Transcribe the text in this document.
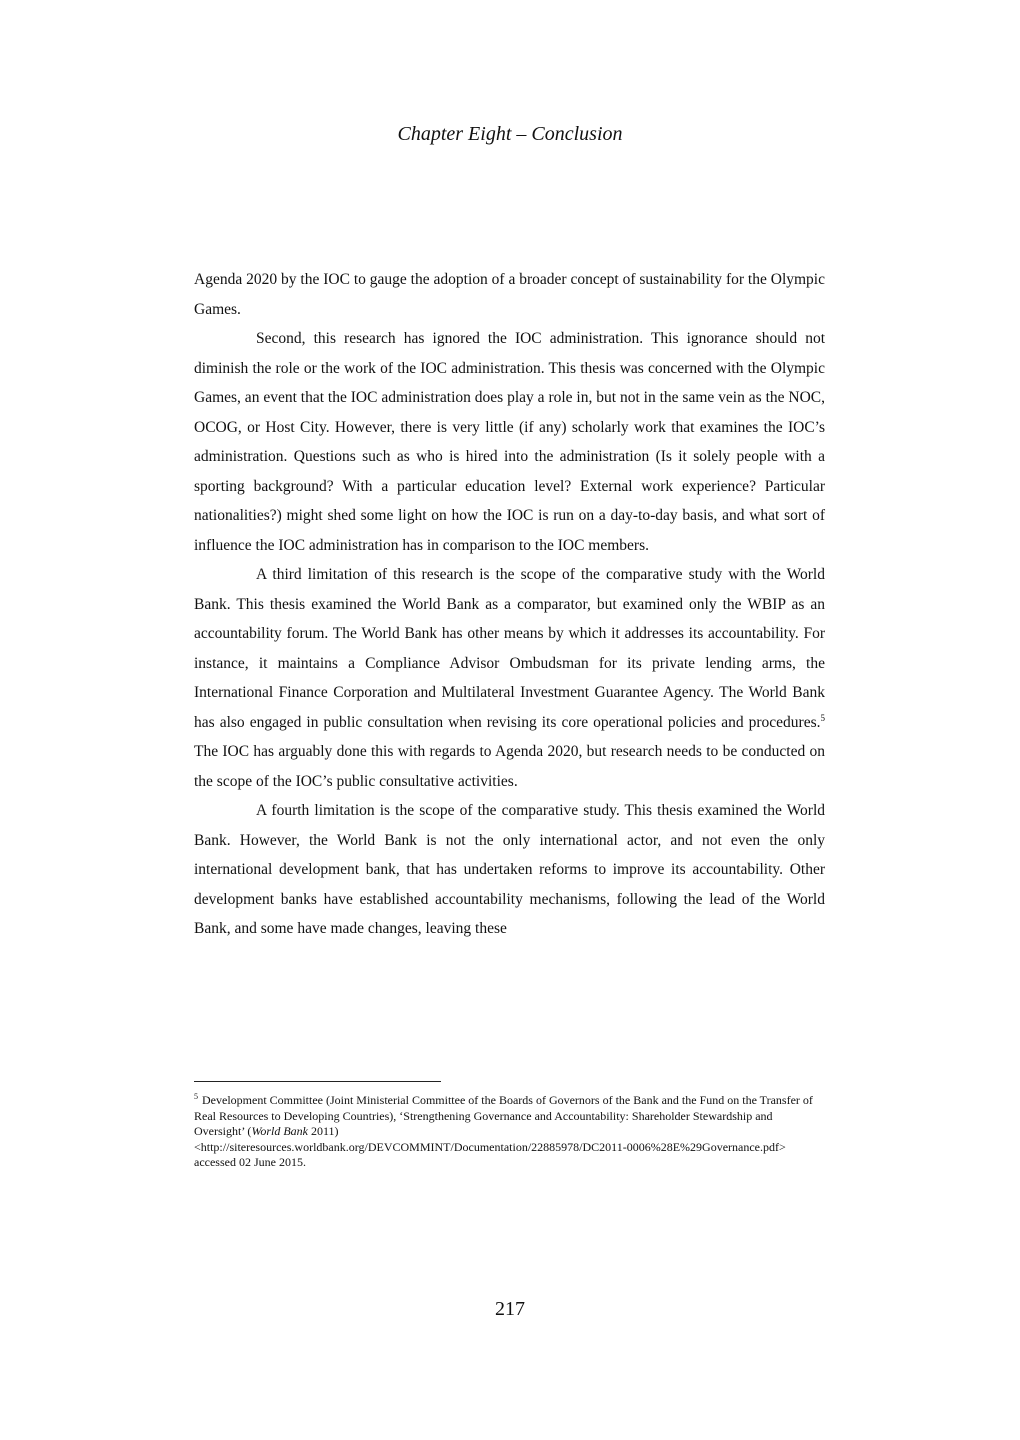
Chapter Eight – Conclusion

Agenda 2020 by the IOC to gauge the adoption of a broader concept of sustainability for the Olympic Games.

Second, this research has ignored the IOC administration. This ignorance should not diminish the role or the work of the IOC administration. This thesis was concerned with the Olympic Games, an event that the IOC administration does play a role in, but not in the same vein as the NOC, OCOG, or Host City. However, there is very little (if any) scholarly work that examines the IOC’s administration. Questions such as who is hired into the administration (Is it solely people with a sporting background? With a particular education level? External work experience? Particular nationalities?) might shed some light on how the IOC is run on a day-to-day basis, and what sort of influence the IOC administration has in comparison to the IOC members.

A third limitation of this research is the scope of the comparative study with the World Bank. This thesis examined the World Bank as a comparator, but examined only the WBIP as an accountability forum. The World Bank has other means by which it addresses its accountability. For instance, it maintains a Compliance Advisor Ombudsman for its private lending arms, the International Finance Corporation and Multilateral Investment Guarantee Agency. The World Bank has also engaged in public consultation when revising its core operational policies and procedures.$^5$ The IOC has arguably done this with regards to Agenda 2020, but research needs to be conducted on the scope of the IOC’s public consultative activities.

A fourth limitation is the scope of the comparative study. This thesis examined the World Bank. However, the World Bank is not the only international actor, and not even the only international development bank, that has undertaken reforms to improve its accountability. Other development banks have established accountability mechanisms, following the lead of the World Bank, and some have made changes, leaving these

$^5$ Development Committee (Joint Ministerial Committee of the Boards of Governors of the Bank and the Fund on the Transfer of Real Resources to Developing Countries), ‘Strengthening Governance and Accountability: Shareholder Stewardship and Oversight’ (World Bank 2011)
<http://siteresources.worldbank.org/DEVCOMMINT/Documentation/22885978/DC2011-0006%28E%29Governance.pdf> accessed 02 June 2015.

217
